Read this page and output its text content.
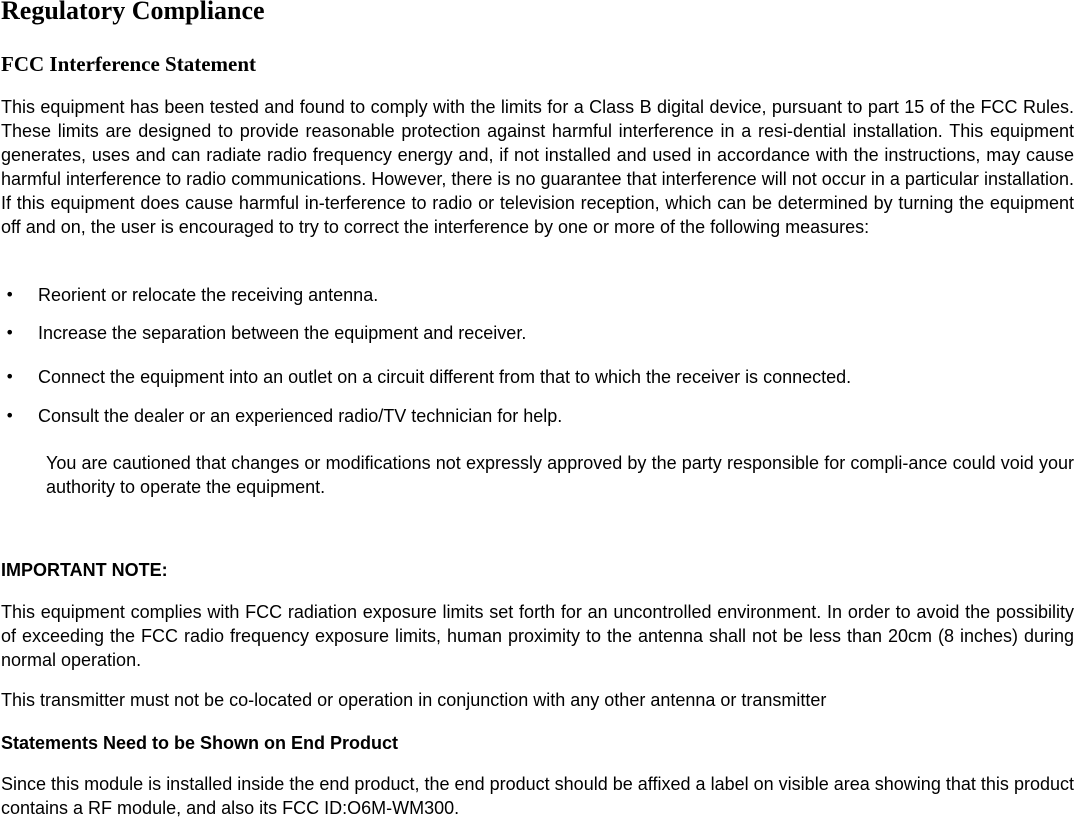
Regulatory Compliance
FCC Interference Statement

This equipment has been tested and found to comply with the limits for a Class B digital device, pursuant to part 15 of the FCC Rules. These limits are designed to provide reasonable protection against harmful interference in a resi-dential installation. This equipment generates, uses and can radiate radio frequency energy and, if not installed and used in accordance with the instructions, may cause harmful interference to radio communications. However, there is no guarantee that interference will not occur in a particular installation. If this equipment does cause harmful in-terference to radio or television reception, which can be determined by turning the equipment off and on, the user is encouraged to try to correct the interference by one or more of the following measures:

• Reorient or relocate the receiving antenna.
• Increase the separation between the equipment and receiver.
• Connect the equipment into an outlet on a circuit different from that to which the receiver is connected.
• Consult the dealer or an experienced radio/TV technician for help.

You are cautioned that changes or modifications not expressly approved by the party responsible for compli-ance could void your authority to operate the equipment.

IMPORTANT NOTE:

This equipment complies with FCC radiation exposure limits set forth for an uncontrolled environment. In order to avoid the possibility of exceeding the FCC radio frequency exposure limits, human proximity to the antenna shall not be less than 20cm (8 inches) during normal operation.

This transmitter must not be co-located or operation in conjunction with any other antenna or transmitter

Statements Need to be Shown on End Product

Since this module is installed inside the end product, the end product should be affixed a label on visible area showing that this product contains a RF module, and also its FCC ID:O6M-WM300.
